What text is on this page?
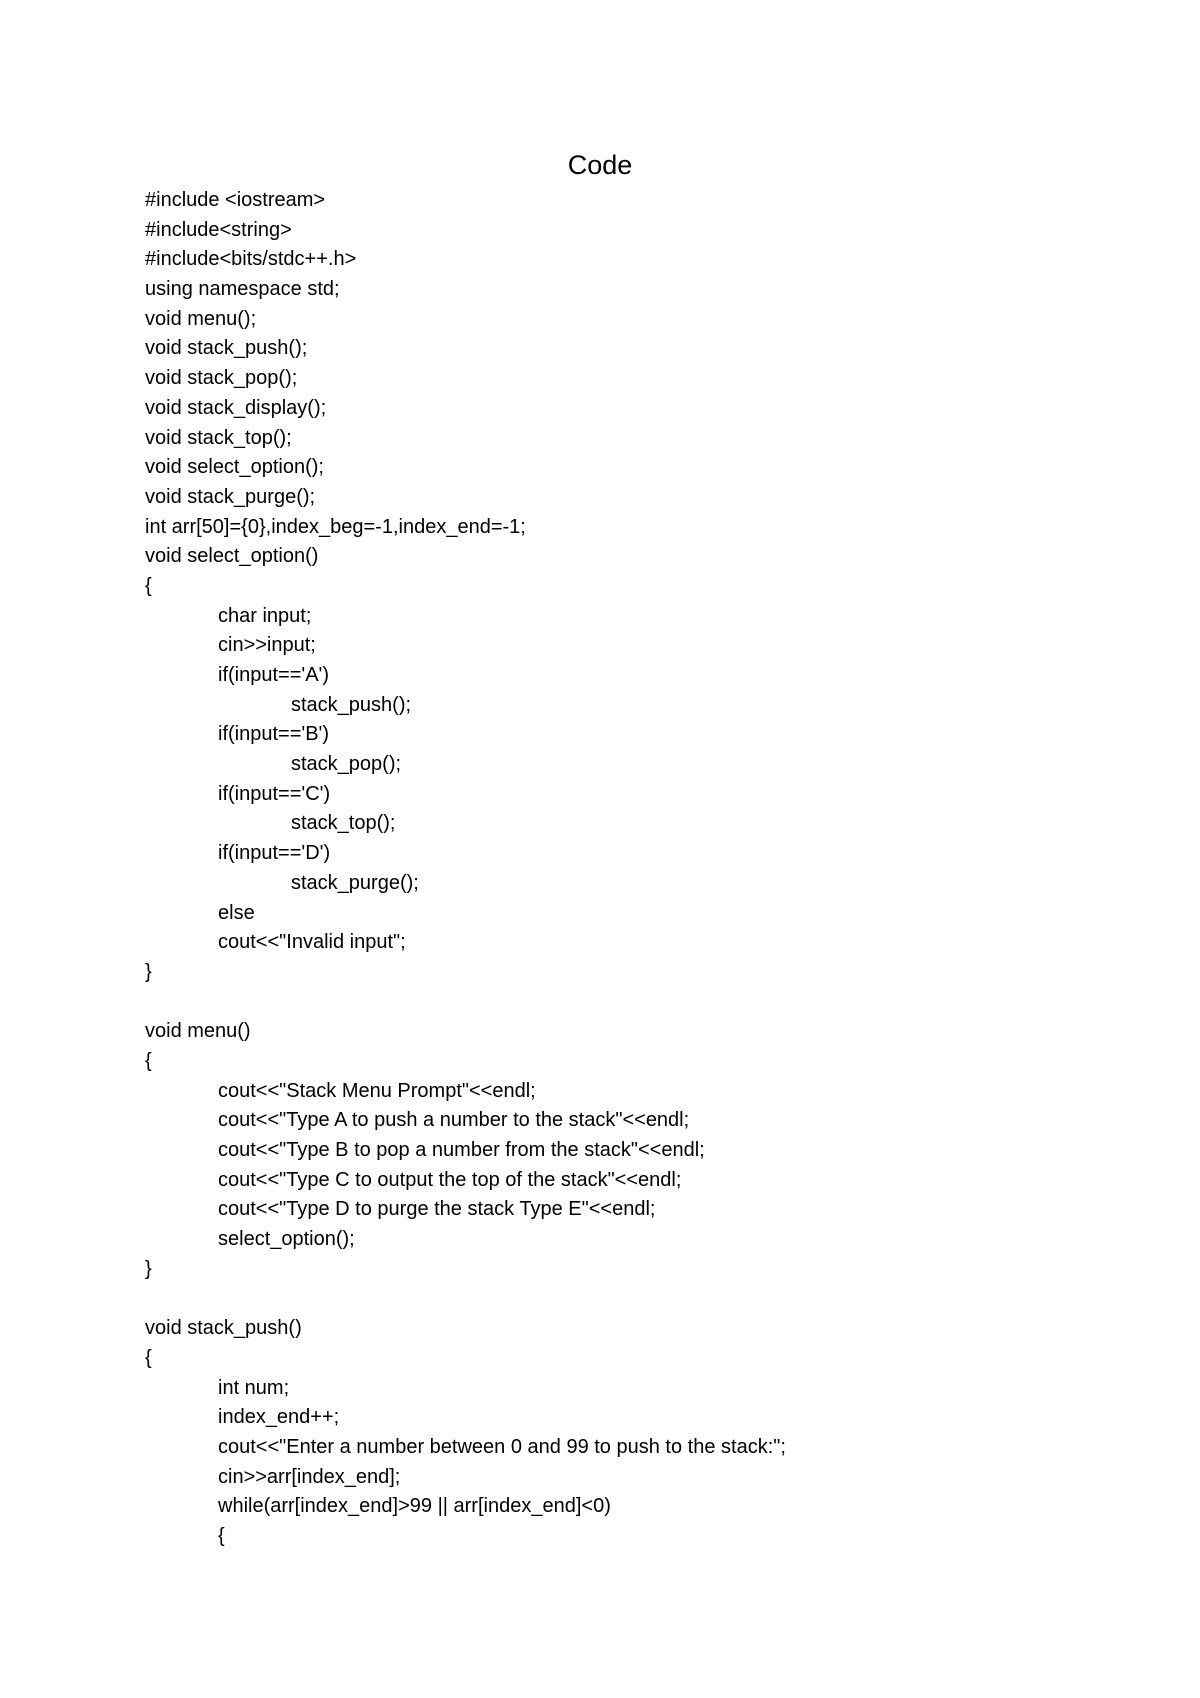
Code
#include <iostream>
#include<string>
#include<bits/stdc++.h>
using namespace std;
void menu();
void stack_push();
void stack_pop();
void stack_display();
void stack_top();
void select_option();
void stack_purge();
int arr[50]={0},index_beg=-1,index_end=-1;
void select_option()
{
char input;
cin>>input;
if(input=='A')
stack_push();
if(input=='B')
stack_pop();
if(input=='C')
stack_top();
if(input=='D')
stack_purge();
else
cout<<"Invalid input";
}
void menu()
{
cout<<"Stack Menu Prompt"<<endl;
cout<<"Type A to push a number to the stack"<<endl;
cout<<"Type B to pop a number from the stack"<<endl;
cout<<"Type C to output the top of the stack"<<endl;
cout<<"Type D to purge the stack Type E"<<endl;
select_option();
}
void stack_push()
{
int num;
index_end++;
cout<<"Enter a number between 0 and 99 to push to the stack:";
cin>>arr[index_end];
while(arr[index_end]>99 || arr[index_end]<0)
{
